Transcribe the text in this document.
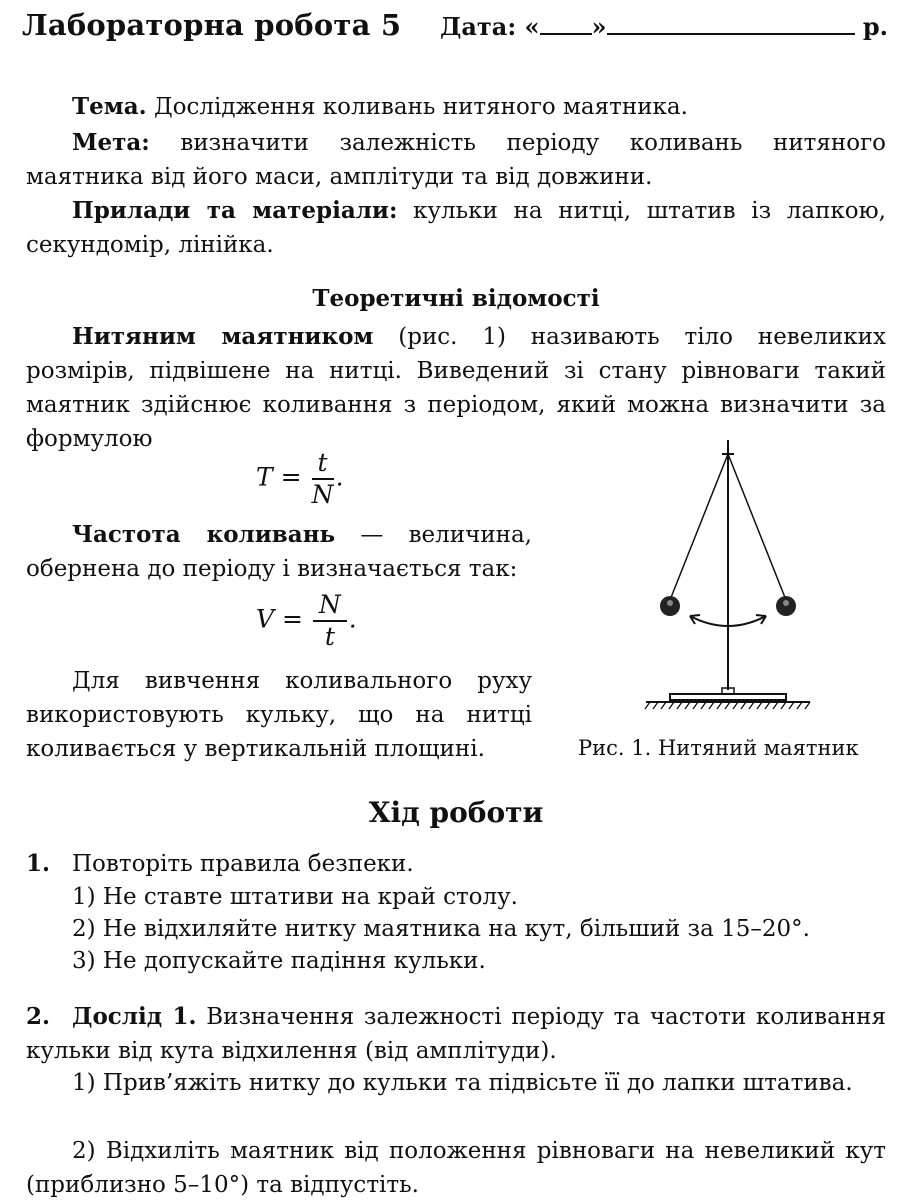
Лабораторна робота 5 Дата: « »	р.
Тема. Дослідження коливань нитяного маятника.
Мета: визначити залежність періоду коливань нитяного маятника від його маси, амплітуди та від довжини.
Прилади та матеріали: кульки на нитці, штатив із лапкою, секундомір, лінійка.
Теоретичні відомості
Нитяним маятником (рис. 1) називають тіло невеликих розмірів, підвішене на нитці. Виведений зі стану рівноваги такий маятник здійснює коливання з періодом, який можна визначити за формулою
$T = \frac{t}{N}$ .
Частота коливань — величина, обернена до періоду і визначається так:
$V = \frac{N}{t}$ .
Для вивчення коливального руху використовують кульку, що на нитці коливається у вертикальній площині.	Рис. 1. Нитяний маятник
Хід роботи
1. Повторіть правила безпеки.
1) Не ставте штативи на край столу.
2) Не відхиляйте нитку маятника на кут, більший за 15–20°.
3) Не допускайте падіння кульки.
2. Дослід 1. Визначення залежності періоду та частоти коливання кульки від кута відхилення (від амплітуди).
1) Прив’яжіть нитку до кульки та підвісьте її до лапки штатива.
2) Відхиліть маятник від положення рівноваги на невеликий кут (приблизно 5–10°) та відпустіть.
